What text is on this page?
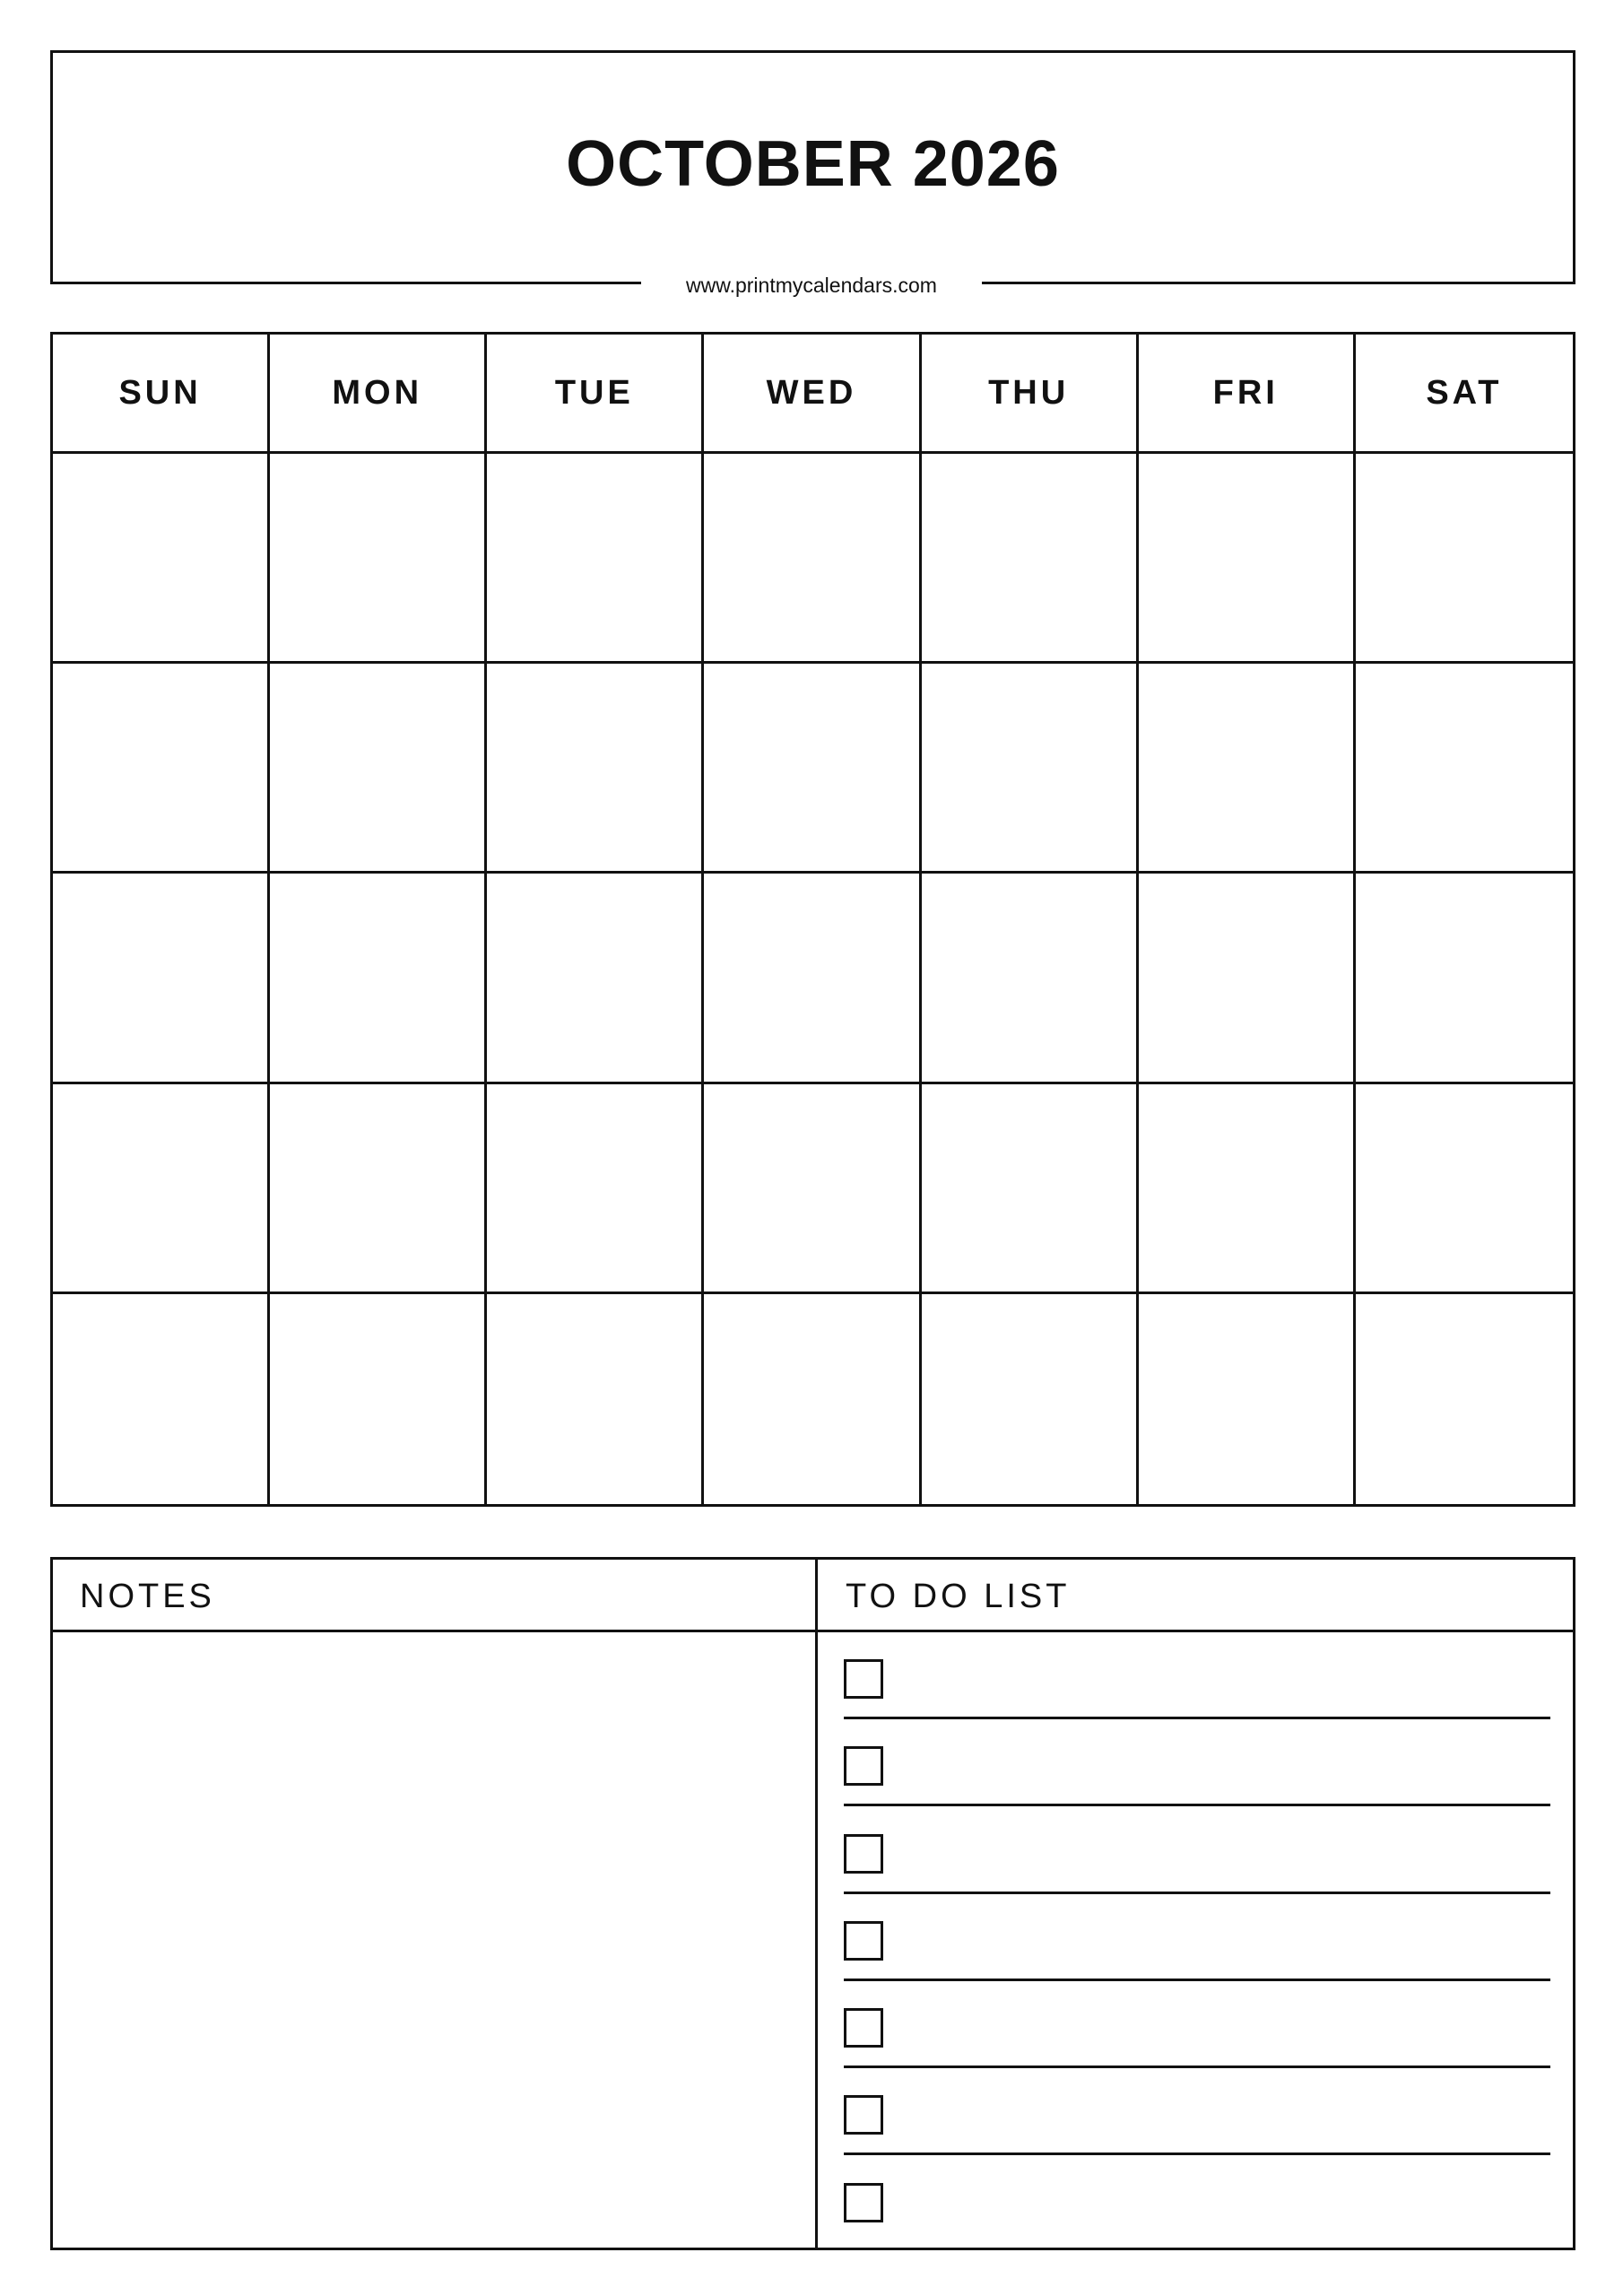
OCTOBER 2026
www.printmycalendars.com
SUN	MON	TUE	WED	THU	FRI	SAT
NOTES	TO DO LIST
